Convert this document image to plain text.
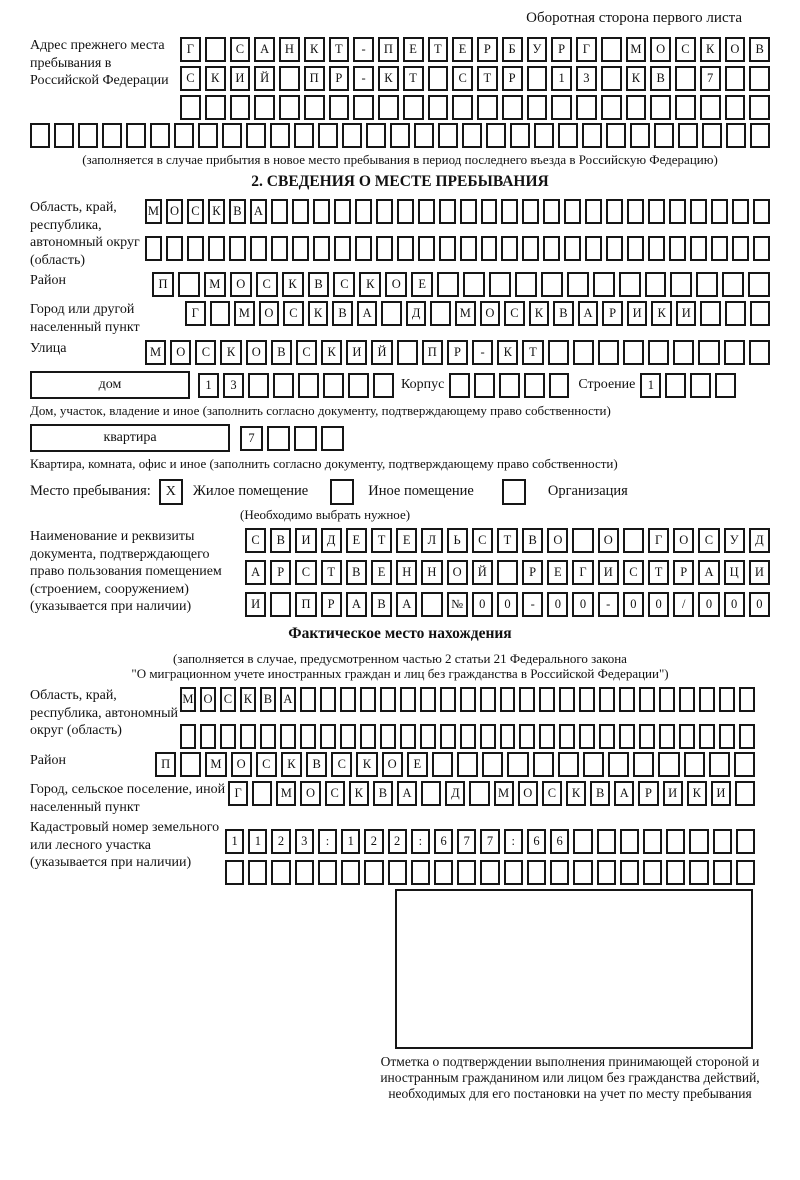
Оборотная сторона первого листа
Адрес прежнего места пребывания в Российской Федерации
Г	С	А	Н	К	Т	-	П	Е	Т	Е	Р	Б	У	Р	Г	М	О	С	К	О	В
С	К	И	Й	П	Р	-	К	Т	С	Т	Р	1	3	К	В	7
(заполняется в случае прибытия в новое место пребывания в период последнего въезда в Российскую Федерацию)
2. СВЕДЕНИЯ О МЕСТЕ ПРЕБЫВАНИЯ
Область, край, республика, автономный округ (область)
М О С	К	В А
Район	П	М	О	С	К	В	С	К	О	Е
Город или другой населенный пункт
Г	М	О	С	К	В	А	Д	М	О	С	К	В	А	Р	И	К	И
Улица	М	О	С	К	О	В	С	К	И	Й	П	Р	-	К	Т
дом	1	3	Корпус	Строение 1
Дом, участок, владение и иное (заполнить согласно документу, подтверждающему право собственности)
квартира	7
Квартира, комната, офис и иное (заполнить согласно документу, подтверждающему право собственности)
Место пребывания:	X	Жилое помещение	Иное помещение	Организация
(Необходимо выбрать нужное)
Наименование и реквизиты документа, подтверждающего право пользования помещением (строением, сооружением) (указывается при наличии)
С	В	И	Д	Е	Т	Е	Л	Ь	С	Т	В	О	О	Г	О	С	У	Д
А	Р	С	Т	В	Е	Н	Н	О	Й	Р	Е	Г	И	С	Т	Р	А	Ц	И
И	П	Р	А	В	А	№	0	0	-	0	0	-	0	0	/	0	0	0
Фактическое место нахождения
(заполняется в случае, предусмотренном частью 2 статьи 21 Федерального закона
"О миграционном учете иностранных граждан и лиц без гражданства в Российской Федерации")
Область, край, республика, автономный округ (область)
М О С К В А
Район	П	М	О	С	К	В	С	К	О	Е
Город, сельское поселение, иной населенный пункт
Г	М	О	С	К	В	А	Д	М	О	С	К	В	А	Р	И	К	И
Кадастровый номер земельного или лесного участка (указывается при наличии)
1	1	2	3	:	1	2	2	:	6	7	7	:	6	6
Отметка о подтверждении выполнения принимающей стороной и иностранным гражданином или лицом без гражданства действий, необходимых для его постановки на учет по месту пребывания
